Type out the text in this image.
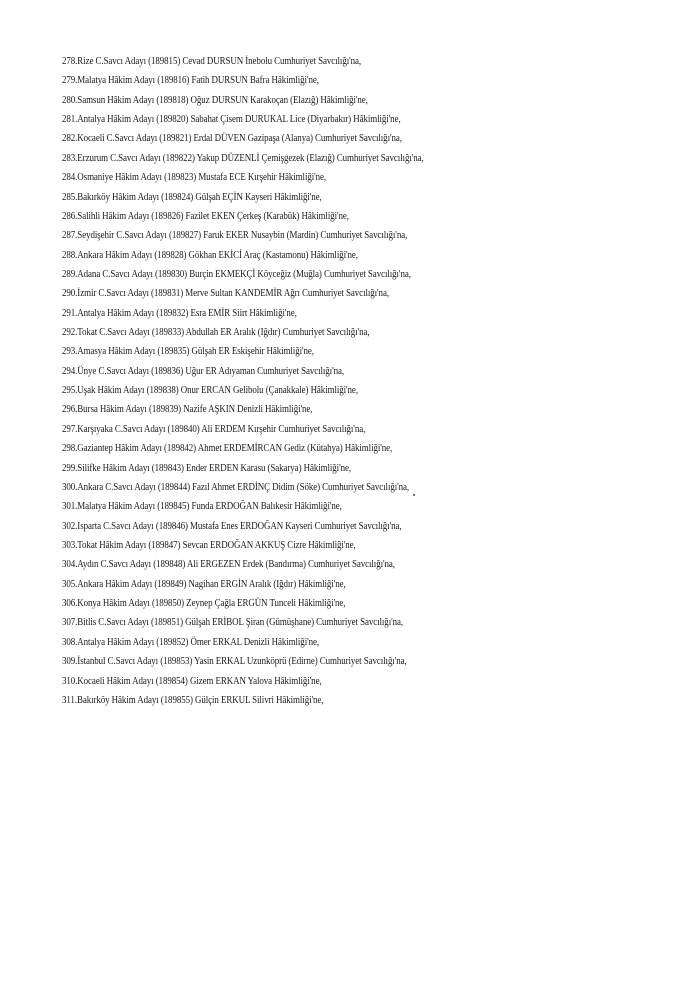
278.Rize C.Savcı Adayı (189815) Cevad DURSUN İnebolu Cumhuriyet Savcılığı'na,
279.Malatya Hâkim Adayı (189816) Fatih DURSUN Bafra Hâkimliği'ne,
280.Samsun Hâkim Adayı (189818) Oğuz DURSUN Karakoçan (Elazığ) Hâkimliği'ne,
281.Antalya Hâkim Adayı (189820) Sabahat Çisem DURUKAL Lice (Diyarbakır) Hâkimliği'ne,
282.Kocaeli C.Savcı Adayı (189821) Erdal DÜVEN Gazipaşa (Alanya) Cumhuriyet Savcılığı'na,
283.Erzurum C.Savcı Adayı (189822) Yakup DÜZENLİ Çemişgezek (Elazığ) Cumhuriyet Savcılığı'na,
284.Osmaniye Hâkim Adayı (189823) Mustafa ECE Kırşehir Hâkimliği'ne,
285.Bakırköy Hâkim Adayı (189824) Gülşah EÇİN Kayseri Hâkimliği'ne,
286.Salihli Hâkim Adayı (189826) Fazilet EKEN Çerkeş (Karabük) Hâkimliği'ne,
287.Seydişehir C.Savcı Adayı (189827) Faruk EKER Nusaybin (Mardin) Cumhuriyet Savcılığı'na,
288.Ankara Hâkim Adayı (189828) Gökhan EKİCİ Araç (Kastamonu) Hâkimliği'ne,
289.Adana C.Savcı Adayı (189830) Burçin EKMEKÇİ Köyceğiz (Muğla) Cumhuriyet Savcılığı'na,
290.İzmir C.Savcı Adayı (189831) Merve Sultan KANDEMİR Ağrı Cumhuriyet Savcılığı'na,
291.Antalya Hâkim Adayı (189832) Esra EMİR Siirt Hâkimliği'ne,
292.Tokat C.Savcı Adayı (189833) Abdullah ER Aralık (Iğdır) Cumhuriyet Savcılığı'na,
293.Amasya Hâkim Adayı (189835) Gülşah ER Eskişehir Hâkimliği'ne,
294.Ünye C.Savcı Adayı (189836) Uğur ER Adıyaman Cumhuriyet Savcılığı'na,
295.Uşak Hâkim Adayı (189838) Onur ERCAN Gelibolu (Çanakkale) Hâkimliği'ne,
296.Bursa Hâkim Adayı (189839) Nazife AŞKIN Denizli Hâkimliği'ne,
297.Karşıyaka C.Savcı Adayı (189840) Ali ERDEM Kırşehir Cumhuriyet Savcılığı'na,
298.Gaziantep Hâkim Adayı (189842) Ahmet ERDEMİRCAN Gediz (Kütahya) Hâkimliği'ne,
299.Silifke Hâkim Adayı (189843) Ender ERDEN Karasu (Sakarya) Hâkimliği'ne,
300.Ankara C.Savcı Adayı (189844) Fazıl Ahmet ERDİNÇ Didim (Söke) Cumhuriyet Savcılığı'na,
301.Malatya Hâkim Adayı (189845) Funda ERDOĞAN Balıkesir Hâkimliği'ne,
302.Isparta C.Savcı Adayı (189846) Mustafa Enes ERDOĞAN Kayseri Cumhuriyet Savcılığı'na,
303.Tokat Hâkim Adayı (189847) Sevcan ERDOĞAN AKKUŞ Cizre Hâkimliği'ne,
304.Aydın C.Savcı Adayı (189848) Ali ERGEZEN Erdek (Bandırma) Cumhuriyet Savcılığı'na,
305.Ankara Hâkim Adayı (189849) Nagihan ERGİN Aralık (Iğdır) Hâkimliği'ne,
306.Konya Hâkim Adayı (189850) Zeynep Çağla ERGÜN Tunceli Hâkimliği'ne,
307.Bitlis C.Savcı Adayı (189851) Gülşah ERİBOL Şiran (Gümüşhane) Cumhuriyet Savcılığı'na,
308.Antalya Hâkim Adayı (189852) Ömer ERKAL Denizli Hâkimliği'ne,
309.İstanbul C.Savcı Adayı (189853) Yasin ERKAL Uzunköprü (Edirne) Cumhuriyet Savcılığı'na,
310.Kocaeli Hâkim Adayı (189854) Gizem ERKAN Yalova Hâkimliği'ne,
311.Bakırköy Hâkim Adayı (189855) Gülçin ERKUL Silivri Hâkimliği'ne,
